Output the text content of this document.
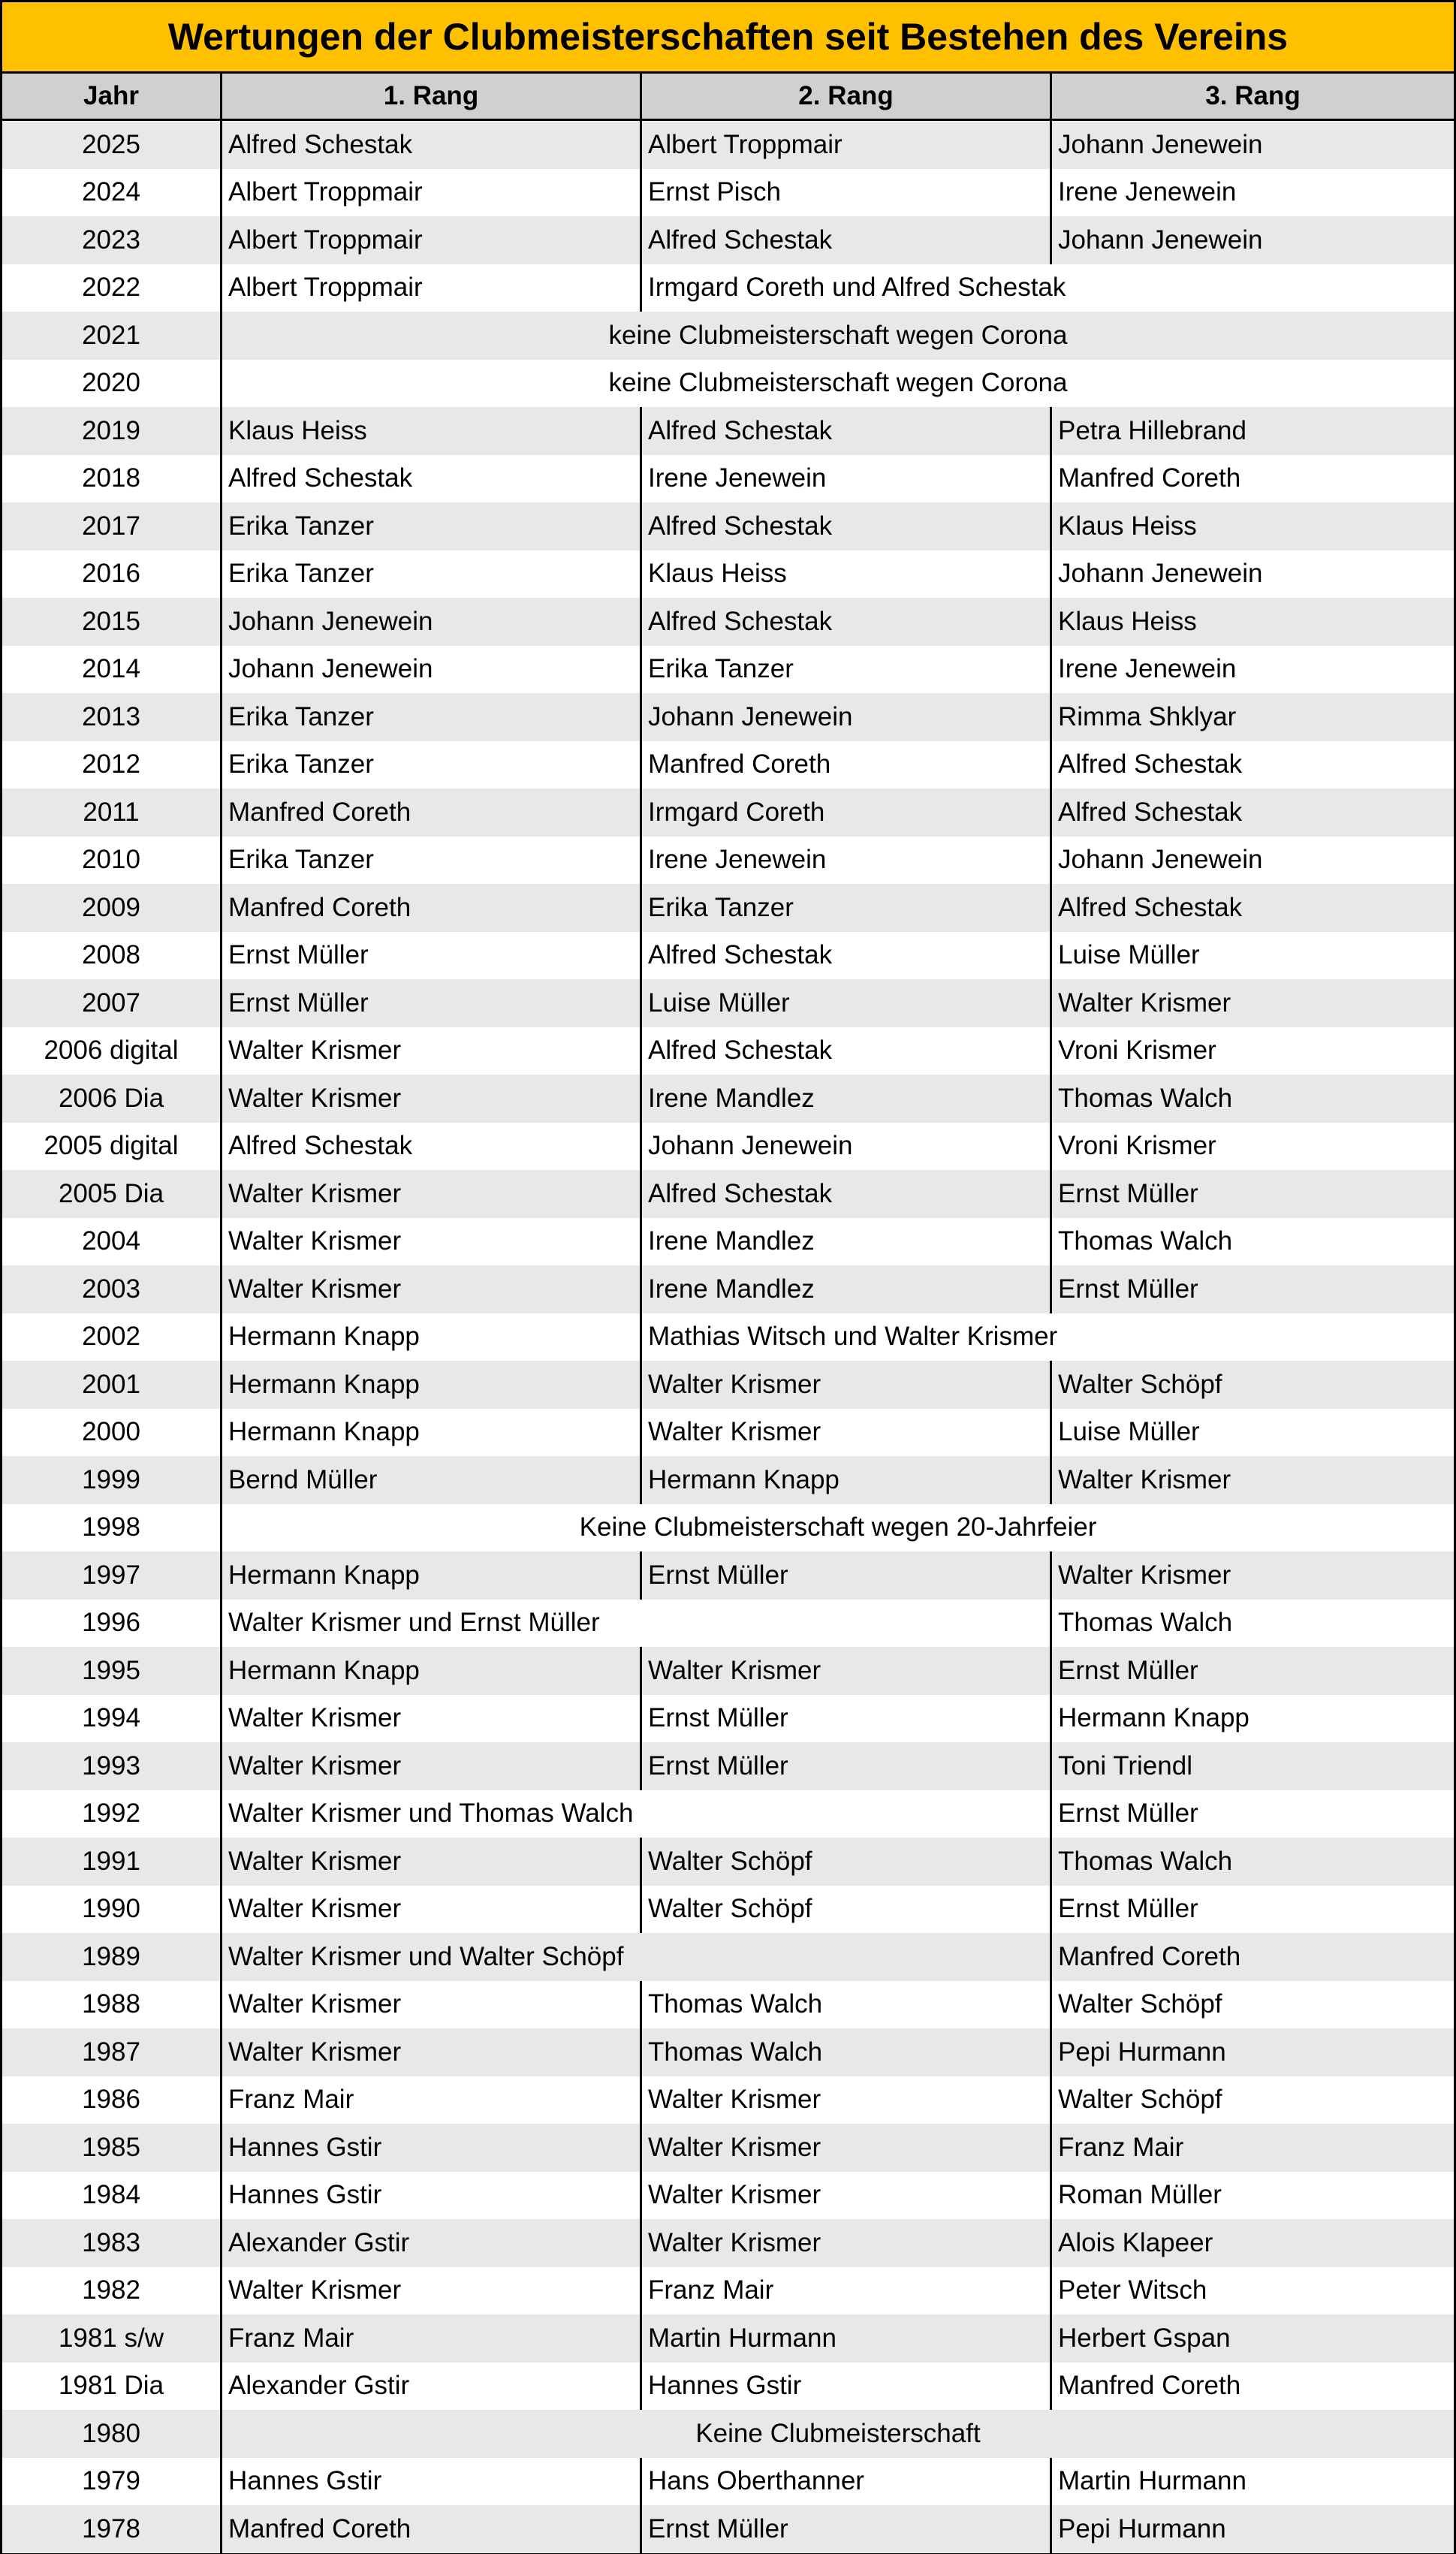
Wertungen der Clubmeisterschaften seit Bestehen des Vereins
Jahr	1. Rang	2. Rang	3. Rang
2025	Alfred Schestak	Albert Troppmair	Johann Jenewein
2024	Albert Troppmair	Ernst Pisch	Irene Jenewein
2023	Albert Troppmair	Alfred Schestak	Johann Jenewein
2022	Albert Troppmair	Irmgard Coreth und Alfred Schestak
2021	keine Clubmeisterschaft wegen Corona
2020	keine Clubmeisterschaft wegen Corona
2019	Klaus Heiss	Alfred Schestak	Petra Hillebrand
2018	Alfred Schestak	Irene Jenewein	Manfred Coreth
2017	Erika Tanzer	Alfred Schestak	Klaus Heiss
2016	Erika Tanzer	Klaus Heiss	Johann Jenewein
2015	Johann Jenewein	Alfred Schestak	Klaus Heiss
2014	Johann Jenewein	Erika Tanzer	Irene Jenewein
2013	Erika Tanzer	Johann Jenewein	Rimma Shklyar
2012	Erika Tanzer	Manfred Coreth	Alfred Schestak
2011	Manfred Coreth	Irmgard Coreth	Alfred Schestak
2010	Erika Tanzer	Irene Jenewein	Johann Jenewein
2009	Manfred Coreth	Erika Tanzer	Alfred Schestak
2008	Ernst Müller	Alfred Schestak	Luise Müller
2007	Ernst Müller	Luise Müller	Walter Krismer
2006 digital	Walter Krismer	Alfred Schestak	Vroni Krismer
2006 Dia	Walter Krismer	Irene Mandlez	Thomas Walch
2005 digital	Alfred Schestak	Johann Jenewein	Vroni Krismer
2005 Dia	Walter Krismer	Alfred Schestak	Ernst Müller
2004	Walter Krismer	Irene Mandlez	Thomas Walch
2003	Walter Krismer	Irene Mandlez	Ernst Müller
2002	Hermann Knapp	Mathias Witsch und Walter Krismer
2001	Hermann Knapp	Walter Krismer	Walter Schöpf
2000	Hermann Knapp	Walter Krismer	Luise Müller
1999	Bernd Müller	Hermann Knapp	Walter Krismer
1998	Keine Clubmeisterschaft wegen 20-Jahrfeier
1997	Hermann Knapp	Ernst Müller	Walter Krismer
1996	Walter Krismer und Ernst Müller	Thomas Walch
1995	Hermann Knapp	Walter Krismer	Ernst Müller
1994	Walter Krismer	Ernst Müller	Hermann Knapp
1993	Walter Krismer	Ernst Müller	Toni Triendl
1992	Walter Krismer und Thomas Walch	Ernst Müller
1991	Walter Krismer	Walter Schöpf	Thomas Walch
1990	Walter Krismer	Walter Schöpf	Ernst Müller
1989	Walter Krismer und Walter Schöpf	Manfred Coreth
1988	Walter Krismer	Thomas Walch	Walter Schöpf
1987	Walter Krismer	Thomas Walch	Pepi Hurmann
1986	Franz Mair	Walter Krismer	Walter Schöpf
1985	Hannes Gstir	Walter Krismer	Franz Mair
1984	Hannes Gstir	Walter Krismer	Roman Müller
1983	Alexander Gstir	Walter Krismer	Alois Klapeer
1982	Walter Krismer	Franz Mair	Peter Witsch
1981 s/w	Franz Mair	Martin Hurmann	Herbert Gspan
1981 Dia	Alexander Gstir	Hannes Gstir	Manfred Coreth
1980	Keine Clubmeisterschaft
1979	Hannes Gstir	Hans Oberthanner	Martin Hurmann
1978	Manfred Coreth	Ernst Müller	Pepi Hurmann
